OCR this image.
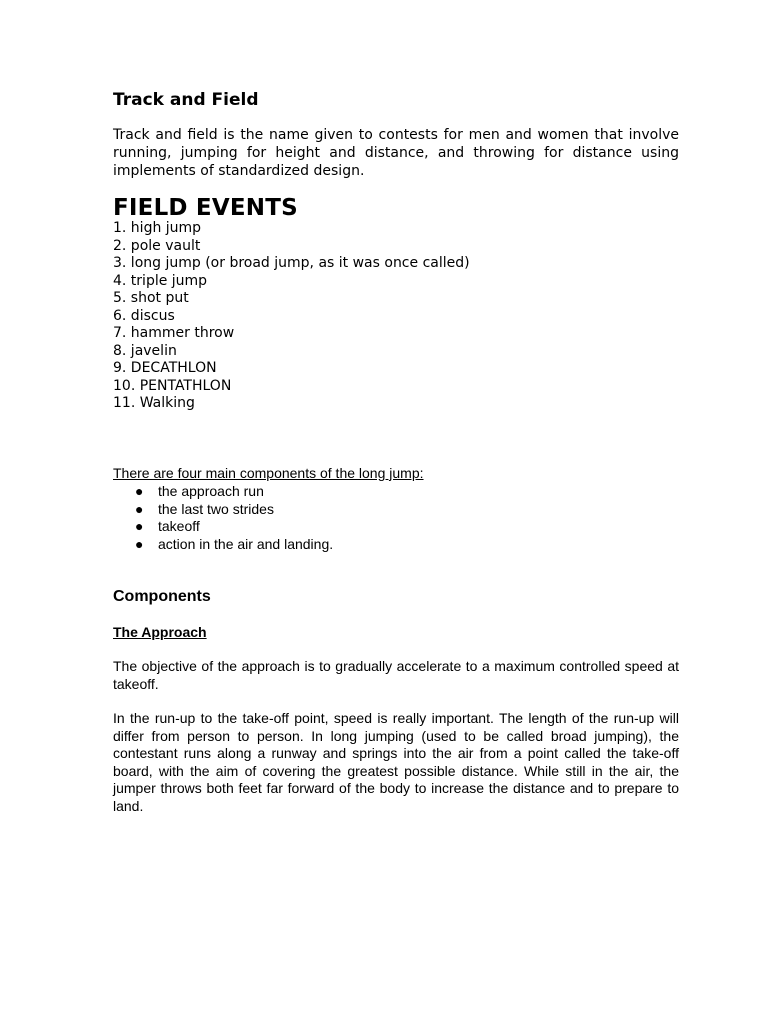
Track and Field

Track and field is the name given to contests for men and women that involve running, jumping for height and distance, and throwing for distance using implements of standardized design.

FIELD EVENTS
1. high jump
2. pole vault
3. long jump (or broad jump, as it was once called)
4. triple jump
5. shot put
6. discus
7. hammer throw
8. javelin
9. DECATHLON
10. PENTATHLON
11. Walking

There are four main components of the long jump:

● the approach run
● the last two strides
● takeoff
● action in the air and landing.
Components
The Approach

The objective of the approach is to gradually accelerate to a maximum controlled speed at takeoff.

In the run-up to the take-off point, speed is really important. The length of the run-up will differ from person to person. In long jumping (used to be called broad jumping), the contestant runs along a runway and springs into the air from a point called the take-off board, with the aim of covering the greatest possible distance. While still in the air, the jumper throws both feet far forward of the body to increase the distance and to prepare to land.
